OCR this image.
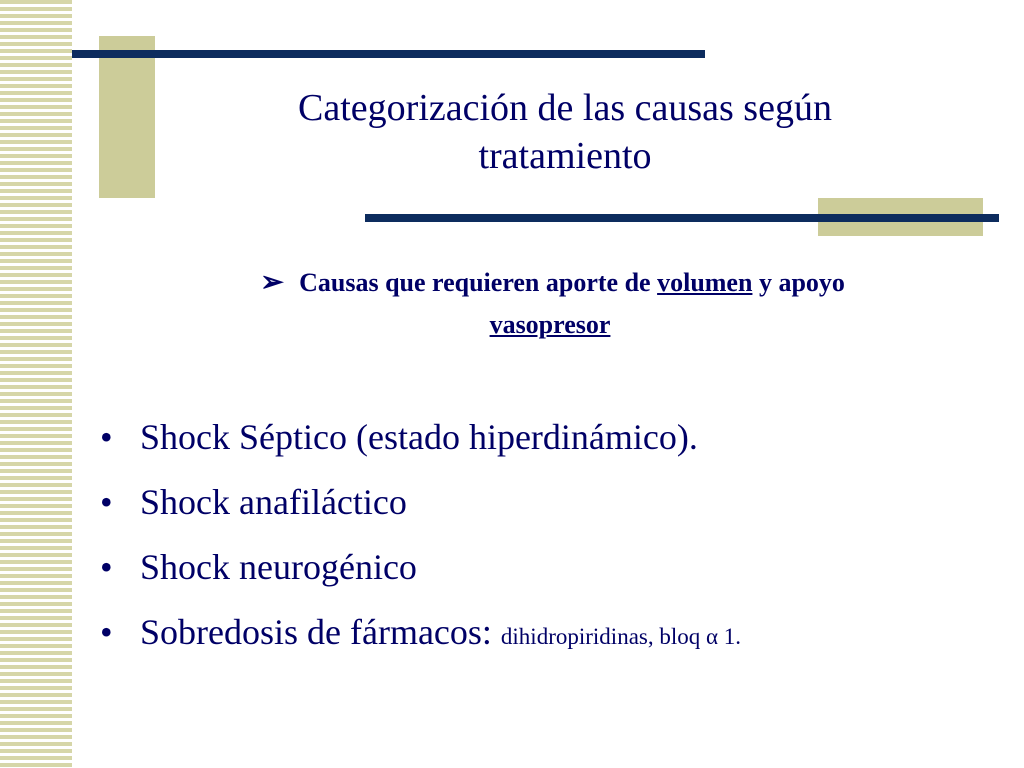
Categorización de las causas según
tratamiento
➢ Causas que requieren aporte de volumen y apoyo
vasopresor
• Shock Séptico (estado hiperdinámico).
• Shock anafiláctico
• Shock neurogénico
• Sobredosis de fármacos: dihidropiridinas, bloq α 1.
